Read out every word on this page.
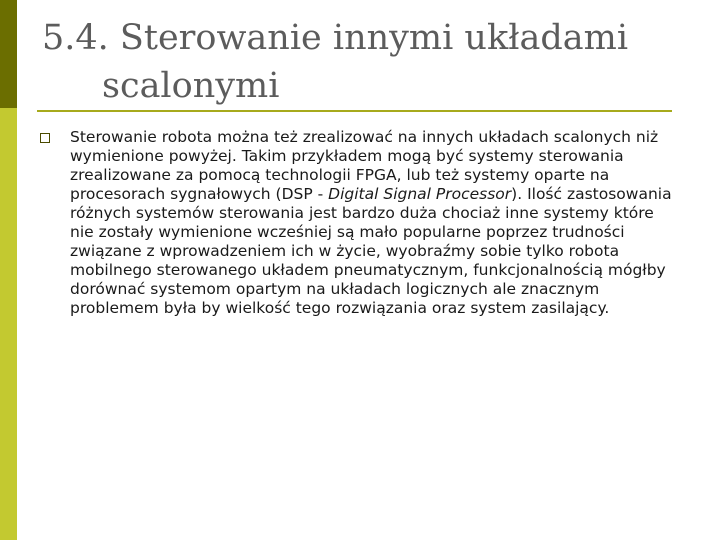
5.4. Sterowanie innymi układami
scalonymi

Sterowanie robota można też zrealizować na innych układach scalonych niż wymienione powyżej. Takim przykładem mogą być systemy sterowania zrealizowane za pomocą technologii FPGA, lub też systemy oparte na procesorach sygnałowych (DSP - Digital Signal Processor). Ilość zastosowania różnych systemów sterowania jest bardzo duża chociaż inne systemy które nie zostały wymienione wcześniej są mało popularne poprzez trudności związane z wprowadzeniem ich w życie, wyobraźmy sobie tylko robota mobilnego sterowanego układem pneumatycznym, funkcjonalnością mógłby dorównać systemom opartym na układach logicznych ale znacznym problemem była by wielkość tego rozwiązania oraz system zasilający.
